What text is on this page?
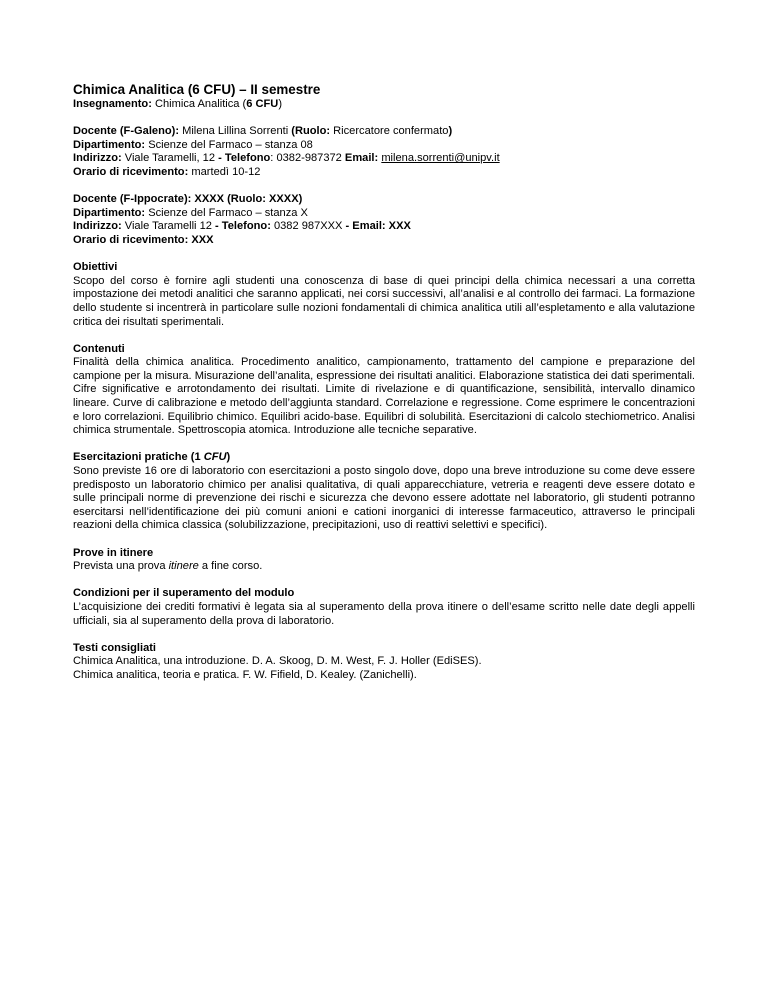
Chimica Analitica (6 CFU) – II semestre

Insegnamento: Chimica Analitica (6 CFU)

Docente (F-Galeno): Milena Lillina Sorrenti (Ruolo: Ricercatore confermato)

Dipartimento: Scienze del Farmaco – stanza 08

Indirizzo: Viale Taramelli, 12 - Telefono: 0382-987372 Email: milena.sorrenti@unipv.it

Orario di ricevimento: martedì 10-12

Docente (F-Ippocrate): XXXX (Ruolo: XXXX)

Dipartimento: Scienze del Farmaco – stanza X

Indirizzo: Viale Taramelli 12 - Telefono: 0382 987XXX - Email: XXX

Orario di ricevimento: XXX

Obiettivi

Scopo del corso è fornire agli studenti una conoscenza di base di quei principi della chimica necessari a una corretta impostazione dei metodi analitici che saranno applicati, nei corsi successivi, all’analisi e al controllo dei farmaci. La formazione dello studente si incentrerà in particolare sulle nozioni fondamentali di chimica analitica utili all’espletamento e alla valutazione critica dei risultati sperimentali.

Contenuti

Finalità della chimica analitica. Procedimento analitico, campionamento, trattamento del campione e preparazione del campione per la misura. Misurazione dell’analita, espressione dei risultati analitici. Elaborazione statistica dei dati sperimentali. Cifre significative e arrotondamento dei risultati. Limite di rivelazione e di quantificazione, sensibilità, intervallo dinamico lineare. Curve di calibrazione e metodo dell’aggiunta standard. Correlazione e regressione. Come esprimere le concentrazioni e loro correlazioni. Equilibrio chimico. Equilibri acido-base. Equilibri di solubilità. Esercitazioni di calcolo stechiometrico. Analisi chimica strumentale. Spettroscopia atomica. Introduzione alle tecniche separative.

Esercitazioni pratiche (1 CFU)

Sono previste 16 ore di laboratorio con esercitazioni a posto singolo dove, dopo una breve introduzione su come deve essere predisposto un laboratorio chimico per analisi qualitativa, di quali apparecchiature, vetreria e reagenti deve essere dotato e sulle principali norme di prevenzione dei rischi e sicurezza che devono essere adottate nel laboratorio, gli studenti potranno esercitarsi nell’identificazione dei più comuni anioni e cationi inorganici di interesse farmaceutico, attraverso le principali reazioni della chimica classica (solubilizzazione, precipitazioni, uso di reattivi selettivi e specifici).

Prove in itinere

Prevista una prova itinere a fine corso.

Condizioni per il superamento del modulo

L’acquisizione dei crediti formativi è legata sia al superamento della prova itinere o dell’esame scritto nelle date degli appelli ufficiali, sia al superamento della prova di laboratorio.

Testi consigliati

Chimica Analitica, una introduzione. D. A. Skoog, D. M. West, F. J. Holler (EdiSES).

Chimica analitica, teoria e pratica. F. W. Fifield, D. Kealey. (Zanichelli).
